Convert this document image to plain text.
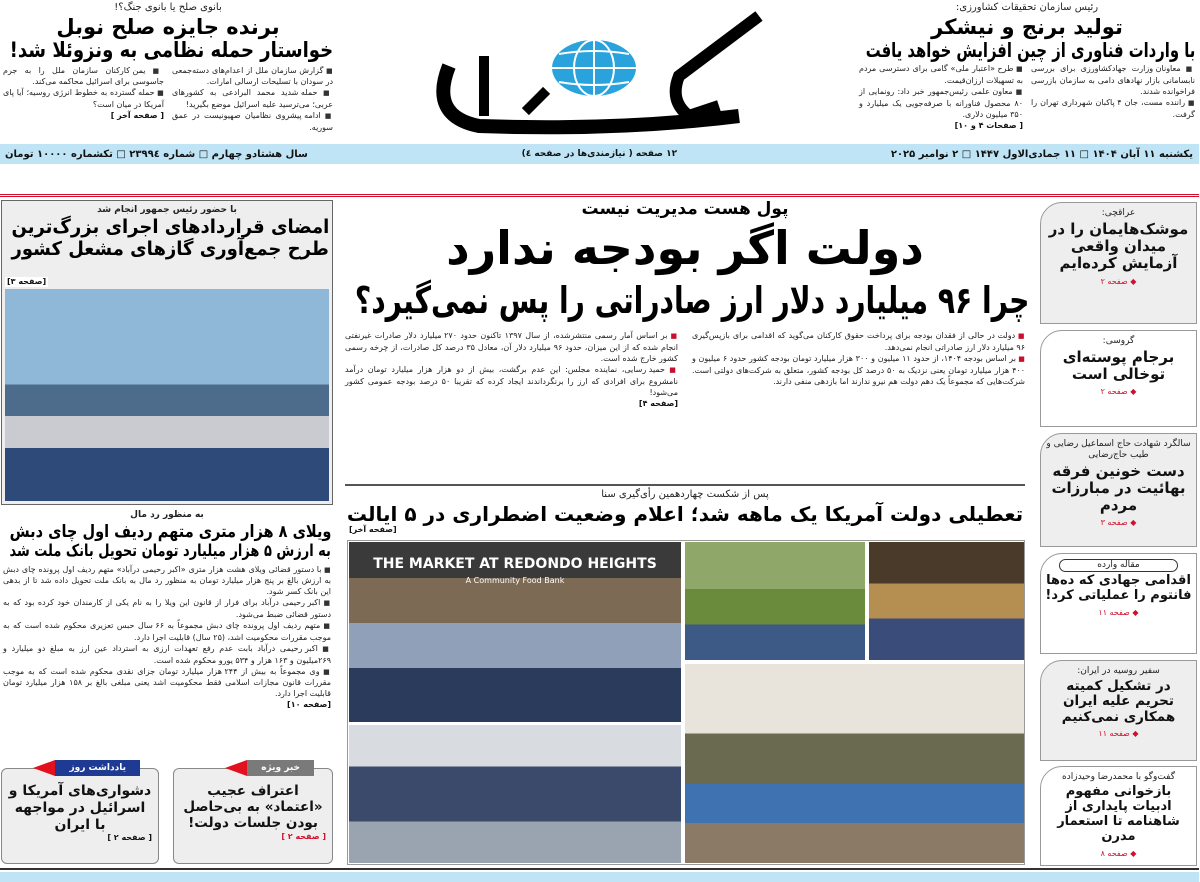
رئیس سازمان تحقیقات کشاورزی:
تولید برنج و نیشکر
با واردات فناوری از چین افزایش خواهد یافت

■ معاونان وزارت جهادکشاورزی برای بررسی نابسامانی بازار نهادهای دامی به سازمان بازرسی فراخوانده شدند.

■ راننده مست، جان ۴ پاکبان شهرداری تهران را گرفت.

■ طرح «اعتبار ملی» گامی برای دسترسی مردم به تسهیلات ارزان‌قیمت.

■ معاون علمی رئیس‌جمهور خبر داد: رونمایی از ۸۰ محصول فناورانه با صرفه‌جویی یک میلیارد و ۳۵۰ میلیون دلاری.

[ صفحات ۴ و ۱۰]
بانوی صلح یا بانوی جنگ؟!
برنده جایزه صلح نوبل
خواستار حمله نظامی به ونزوئلا شد!

■ گزارش سازمان ملل از اعدام‌های دسته‌جمعی در سودان با تسلیحات ارسالی امارات.

■ حمله شدید محمد البرادعی به کشورهای عربی؛ می‌ترسید علیه اسرائیل موضع بگیرید!

■ ادامه پیشروی نظامیان صهیونیست در عمق سوریه.

■ یمن کارکنان سازمان ملل را به جرم جاسوسی برای اسرائیل محاکمه می‌کند.

■ حمله گسترده به خطوط انرژی روسیه؛ آیا پای آمریکا در میان است؟

[ صفحه آخر ]
یکشنبه ۱۱ آبان ۱۴۰۴ □ ۱۱ جمادی‌الاول ۱۴۴۷ □ ۲ نوامبر ۲۰۲۵
۱۲ صفحه ( نیازمندی‌ها در صفحه ٤)
سال هشتادو چهارم □ شماره ۲۳۹۹٤ □ تکشماره ۱۰۰۰۰ تومان
پول هست مدیریت نیست
دولت اگر بودجه ندارد
چرا ۹۶ میلیارد دلار ارز صادراتی را پس نمی‌گیرد؟

■ دولت در حالی از فقدان بودجه برای پرداخت حقوق کارکنان می‌گوید که اقدامی برای بازپس‌گیری ۹۶ میلیارد دلار ارز صادراتی انجام نمی‌دهد.

■ بر اساس بودجه ۱۴۰۴، از حدود ۱۱ میلیون و ۳۰۰ هزار میلیارد تومان بودجه کشور حدود ۶ میلیون و ۴۰۰ هزار میلیارد تومان یعنی نزدیک به ۵۰ درصد کل بودجه کشور، متعلق به شرکت‌های دولتی است. شرکت‌هایی که مجموعاً یک دهم دولت هم نیرو ندارند اما بازدهی منفی دارند.

■ بر اساس آمار رسمی منتشرشده، از سال ۱۳۹۷ تاکنون حدود ۲۷۰ میلیارد دلار صادرات غیرنفتی انجام شده که از این میزان، حدود ۹۶ میلیارد دلار آن، معادل ۳۵ درصد کل صادرات، از چرخه رسمی کشور خارج شده است.

■ حمید رسایی، نماینده مجلس: این عدم برگشت، بیش از دو هزار هزار میلیارد تومان درآمد نامشروع برای افرادی که ارز را برنگرداندند ایجاد کرده که تقریبا ۵۰ درصد بودجه عمومی کشور می‌شود!

[صفحه ۴]
پس از شکست چهاردهمین رأی‌گیری سنا
تعطیلی دولت آمریکا یک ماهه شد؛ اعلام وضعیت اضطراری در ۵ ایالت
[صفحه آخر]
THE MARKET AT REDONDO HEIGHTS
A Community Food Bank
با حضور رئیس جمهور انجام شد
امضای قراردادهای اجرای بزرگ‌ترین
طرح جمع‌آوری گازهای مشعل کشور
[صفحه ۳]
به منظور رد مال
ویلای ۸ هزار متری متهم ردیف اول چای دبش
به ارزش ۵ هزار میلیارد تومان تحویل بانک ملت شد

■ با دستور قضائی ویلای هشت هزار متری «اکبر رحیمی درآباد» متهم ردیف اول پرونده چای دبش به ارزش بالغ بر پنج هزار میلیارد تومان به منظور رد مال به بانک ملت تحویل داده شد تا از بدهی این بانک کسر شود.

■ اکبر رحیمی درآباد برای فرار از قانون این ویلا را به نام یکی از کارمندان خود کرده بود که به دستور قضائی ضبط می‌شود.

■ متهم ردیف اول پرونده چای دبش مجموعاً به ۶۶ سال حبس تعزیری محکوم شده است که به موجب مقررات محکومیت اشد، (۲۵ سال) قابلیت اجرا دارد.

■ اکبر رحیمی درآباد بابت عدم رفع تعهدات ارزی به استرداد عین ارز به مبلغ دو میلیارد و ۲۶۹میلیون و ۱۶۳ هزار و ۵۳۴ یورو محکوم شده است.

■ وی مجموعاً به بیش از ۲۴۴ هزار میلیارد تومان جزای نقدی محکوم شده است که به موجب مقررات قانون مجازات اسلامی فقط محکومیت اشد یعنی مبلغی بالغ بر ۱۵۸ هزار میلیارد تومان قابلیت اجرا دارد.

[صفحه ۱۰]
خبر ویژه
اعتراف عجیب «اعتماد» به بی‌حاصل بودن جلسات دولت!
[ صفحه ۲ ]
یادداشت روز
دشواری‌های آمریکا و اسرائیل در مواجهه با ایران
[ صفحه ۲ ]
عراقچی:
موشک‌هایمان را در میدان واقعی آزمایش کرده‌ایم
◆ صفحه ۲
گروسی:
برجام پوسته‌ای توخالی است
◆ صفحه ۲
سالگرد شهادت حاج اسماعیل رضایی و طیب حاج‌رضایی
دست خونین فرقه بهائیت در مبارزات مردم
◆ صفحه ۳
مقاله وارده
اقدامی جهادی که ده‌ها فانتوم را عملیاتی کرد!
◆ صفحه ۱۱
سفیر روسیه در ایران:
در تشکیل کمیته تحریم علیه ایران همکاری نمی‌کنیم
◆ صفحه ۱۱
گفت‌وگو با محمدرضا وحیدزاده
بازخوانی مفهوم ادبیات پایداری از شاهنامه تا استعمار مدرن
◆ صفحه ۸
